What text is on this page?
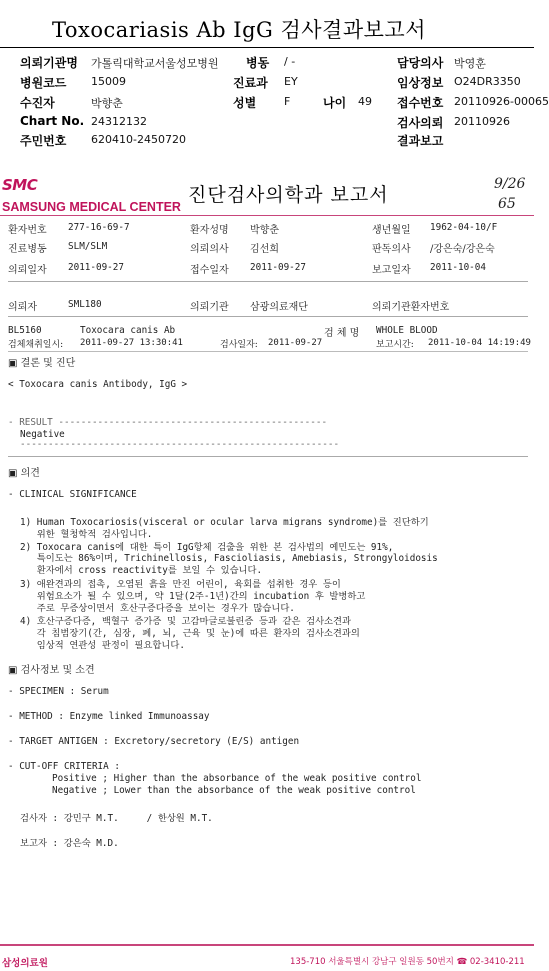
Toxocariasis Ab IgG 검사결과보고서
의뢰기관명 가톨릭대학교서울성모병원 병동 / -	담당의사 박영훈
병원코드 15009	진료과 EY	임상정보 O24DR3350
수진자	박향춘	성별	F	나이 49 접수번호 20110926-00065
Chart No. 24312132	검사의뢰 20110926
주민번호 620410-2450720	결과보고
SMC
SAMSUNG MEDICAL CENTER
진단검사의학과 보고서	9/26
65
환자번호 277-16-69-7	환자성명 박향춘	생년월일 1962-04-10/F
진료병동 SLM/SLM	의뢰의사 김선희	판독의사 /강은숙/강은숙
의뢰일자 2011-09-27	접수일자 2011-09-27	보고일자 2011-10-04
의뢰자	SML180	의뢰기관 삼광의료재단	의뢰기관환자번호
BL5160	Toxocara canis Ab	검 체 명 WHOLE BLOOD
검체채취일시: 2011-09-27 13:30:41	검사일자: 2011-09-27	보고시간: 2011-10-04 14:19:49
▣ 결론 및 진단
< Toxocara canis Antibody, IgG >
- RESULT ------------------------------------------------
Negative
---------------------------------------------------------
▣ 의견
- CLINICAL SIGNIFICANCE
1) Human Toxocariosis(visceral or ocular larva migrans syndrome)를 진단하기
위한 혈청학적 검사입니다.
2) Toxocara canis에 대한 특이 IgG항체 검출을 위한 본 검사법의 예민도는 91%,
특이도는 86%이며, Trichinellosis, Fascioliasis, Amebiasis, Strongyloidosis
환자에서 cross reactivity를 보일 수 있습니다.
3) 애완견과의 접촉, 오염된 흙을 만진 어린이, 육회를 섭취한 경우 등이
위험요소가 될 수 있으며, 약 1달(2주-1년)간의 incubation 후 발병하고
주로 무증상이면서 호산구증다증을 보이는 경우가 많습니다.
4) 호산구증다증, 백혈구 증가증 및 고감마글로불린증 등과 같은 검사소견과
각 침범장기(간, 심장, 폐, 뇌, 근육 및 눈)에 따른 환자의 검사소견과의
임상적 연관성 판정이 필요합니다.
▣ 검사정보 및 소견
- SPECIMEN : Serum
- METHOD : Enzyme linked Immunoassay
- TARGET ANTIGEN : Excretory/secretory (E/S) antigen
- CUT-OFF CRITERIA :
Positive ; Higher than the absorbance of the weak positive control
Negative ; Lower than the absorbance of the weak positive control
검사자 : 강민구 M.T.     / 한상원 M.T.
보고자 : 강은숙 M.D.
삼성의료원	135-710 서울특별시 강남구 일원동 50번지 ☎ 02-3410-211
